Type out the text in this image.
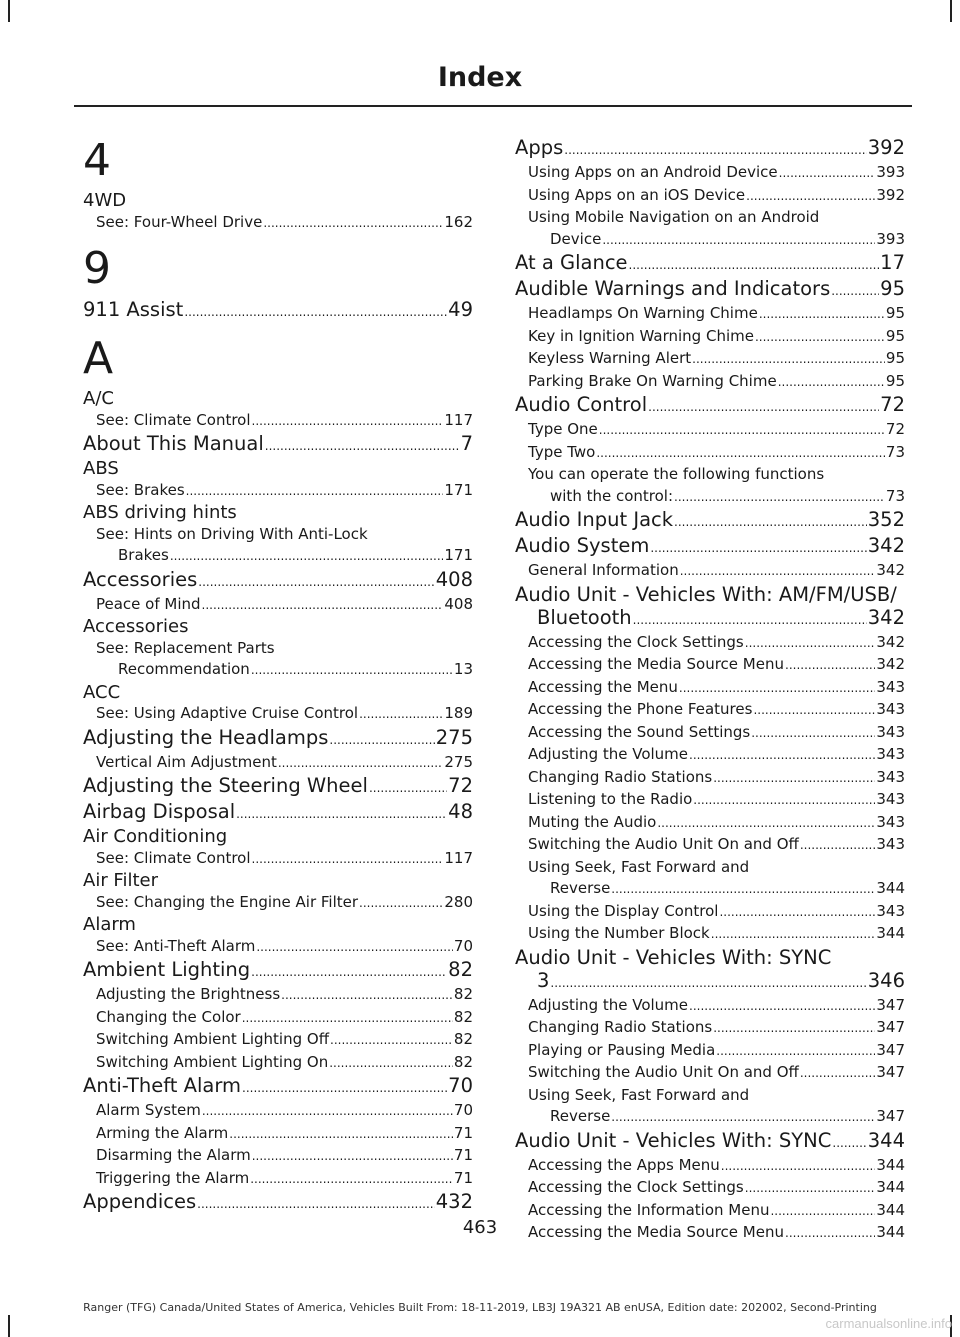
Index
4
4WD
See: Four-Wheel Drive .....	162
9
911 Assist .....	49
A
A/C
See: Climate Control .....	117
About This Manual .....	7
ABS
See: Brakes .....	171
ABS driving hints
See: Hints on Driving With Anti-Lock
Brakes .....	171
Accessories .....	408
Peace of Mind .....	408
Accessories
See: Replacement Parts
Recommendation .....	13
ACC
See: Using Adaptive Cruise Control .....	189
Adjusting the Headlamps .....	275
Vertical Aim Adjustment .....	275
Adjusting the Steering Wheel .....	72
Airbag Disposal .....	48
Air Conditioning
See: Climate Control .....	117
Air Filter
See: Changing the Engine Air Filter .....	280
Alarm
See: Anti-Theft Alarm .....	70
Ambient Lighting .....	82
Adjusting the Brightness .....	82
Changing the Color .....	82
Switching Ambient Lighting Off .....	82
Switching Ambient Lighting On .....	82
Anti-Theft Alarm .....	70
Alarm System .....	70
Arming the Alarm .....	71
Disarming the Alarm .....	71
Triggering the Alarm .....	71
Appendices .....	432
Apps .....	392
Using Apps on an Android Device .....	393
Using Apps on an iOS Device .....	392
Using Mobile Navigation on an Android
Device .....	393
At a Glance .....	17
Audible Warnings and Indicators .....	95
Headlamps On Warning Chime .....	95
Key in Ignition Warning Chime .....	95
Keyless Warning Alert .....	95
Parking Brake On Warning Chime .....	95
Audio Control .....	72
Type One .....	72
Type Two .....	73
You can operate the following functions
with the control: .....	73
Audio Input Jack .....	352
Audio System .....	342
General Information .....	342
Audio Unit - Vehicles With: AM/FM/USB/
Bluetooth .....	342
Accessing the Clock Settings .....	342
Accessing the Media Source Menu .....	342
Accessing the Menu .....	343
Accessing the Phone Features .....	343
Accessing the Sound Settings .....	343
Adjusting the Volume .....	343
Changing Radio Stations .....	343
Listening to the Radio .....	343
Muting the Audio .....	343
Switching the Audio Unit On and Off .....	343
Using Seek, Fast Forward and
Reverse .....	344
Using the Display Control .....	343
Using the Number Block .....	344
Audio Unit - Vehicles With: SYNC
3 .....	346
Adjusting the Volume .....	347
Changing Radio Stations .....	347
Playing or Pausing Media .....	347
Switching the Audio Unit On and Off .....	347
Using Seek, Fast Forward and
Reverse .....	347
Audio Unit - Vehicles With: SYNC ..... 344
Accessing the Apps Menu .....	344
Accessing the Clock Settings .....	344
Accessing the Information Menu .....	344
Accessing the Media Source Menu .....	344
463
Ranger (TFG) Canada/United States of America, Vehicles Built From: 18-11-2019, LB3J 19A321 AB enUSA, Edition date: 202002, Second-Printing
carmanualsonline.info
